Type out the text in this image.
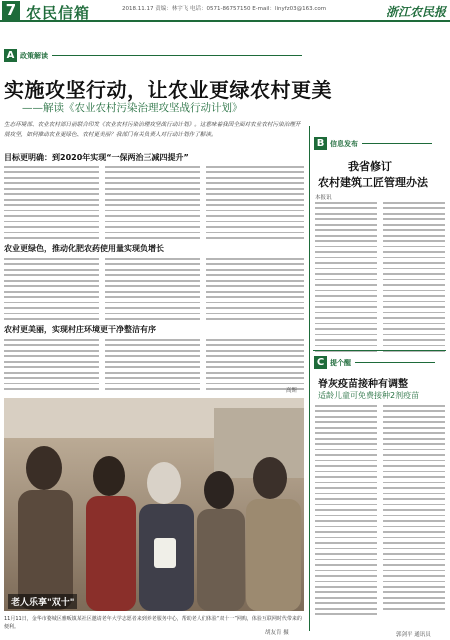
7 农民信箱	2018.11.17 责编：林宇飞 电话：0571-86757150 E-mail：linyfz03@163.com	浙江农民报
A 政策解读
实施攻坚行动，让农业更绿农村更美
——解读《农业农村污染治理攻坚战行动计划》
生态环境部、农业农村部日前联合印发《农业农村污染治理攻坚战行动计划》。这意味着我国全面对农业农村污染治理开展攻坚，如何推动农业更绿色、农村更美丽？我部门有关负责人对行动计划作了解读。
目标更明确：到2020年实现“一保两治三减四提升”
农业更绿色，推动化肥农药使用量实现负增长
农村更美丽，实现村庄环境更干净整洁有序
高斯
老人乐享"双十"
11月11日，金华市婺城区雅畈镇某社区邀请老年大学志愿者来到养老服务中心，帮助老人们体验“双十一”网购，体验互联网时代带来的便利。
胡友肯 摄
B 信息发布
我省修订
农村建筑工匠管理办法
本报讯
C 提个醒
脊灰疫苗接种有调整
适龄儿童可免费接种2剂疫苗
郭剑平 通讯员
